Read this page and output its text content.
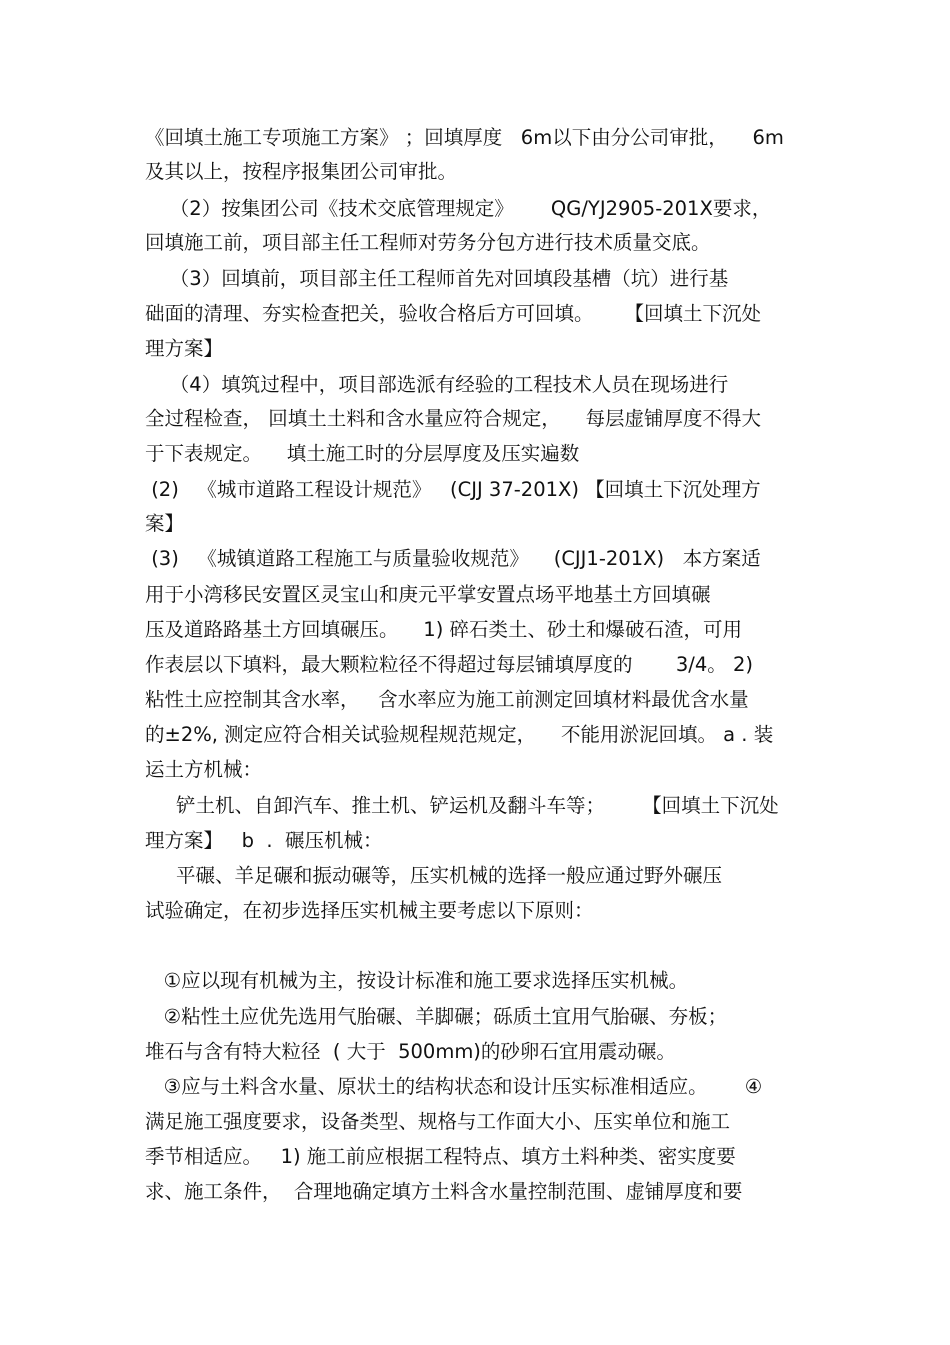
《回填土施工专项施工方案》 ；回填厚度   6m以下由分公司审批，    6m
及其以上，按程序报集团公司审批。
（2）按集团公司《技术交底管理规定》      QG/YJ2905-201X要求，
回填施工前，项目部主任工程师对劳务分包方进行技术质量交底。
（3）回填前，项目部主任工程师首先对回填段基槽（坑）进行基
础面的清理、夯实检查把关，验收合格后方可回填。     【回填土下沉处
理方案】
（4）填筑过程中，项目部选派有经验的工程技术人员在现场进行
全过程检查， 回填土土料和含水量应符合规定，    每层虚铺厚度不得大
于下表规定。    填土施工时的分层厚度及压实遍数
(2)   《城市道路工程设计规范》   (CJJ 37-201X) 【回填土下沉处理方
案】
(3)   《城镇道路工程施工与质量验收规范》    (CJJ1-201X)   本方案适
用于小湾移民安置区灵宝山和庚元平掌安置点场平地基土方回填碾
压及道路路基土方回填碾压。    1) 碎石类土、砂土和爆破石渣，可用
作表层以下填料，最大颗粒粒径不得超过每层铺填厚度的       3/4。 2)
粘性土应控制其含水率，   含水率应为施工前测定回填材料最优含水量
的±2%, 测定应符合相关试验规程规范规定，    不能用淤泥回填。 a . 装
运土方机械：
铲土机、自卸汽车、推土机、铲运机及翻斗车等；      【回填土下沉处
理方案】   b  .  碾压机械：
平碾、羊足碾和振动碾等，压实机械的选择一般应通过野外碾压
试验确定，在初步选择压实机械主要考虑以下原则：
①应以现有机械为主，按设计标准和施工要求选择压实机械。
②粘性土应优先选用气胎碾、羊脚碾；砾质土宜用气胎碾、夯板；
堆石与含有特大粒径  ( 大于  500mm)的砂卵石宜用震动碾。
③应与土料含水量、原状土的结构状态和设计压实标准相适应。      ④
满足施工强度要求，设备类型、规格与工作面大小、压实单位和施工
季节相适应。   1) 施工前应根据工程特点、填方土料种类、密实度要
求、施工条件，  合理地确定填方土料含水量控制范围、虚铺厚度和要
